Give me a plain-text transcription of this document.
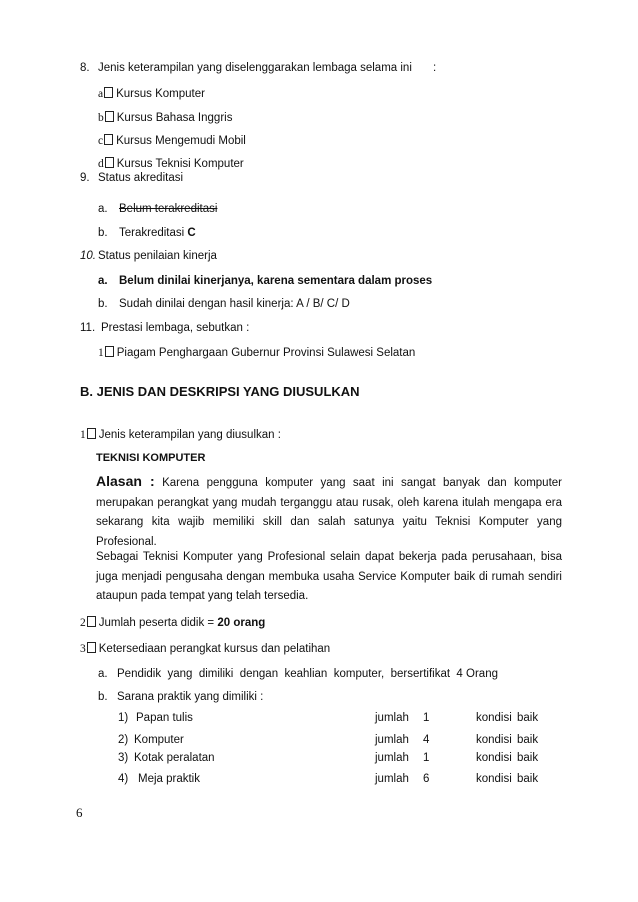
8. Jenis keterampilan yang diselenggarakan lembaga selama ini :
a Kursus Komputer
b Kursus Bahasa Inggris
c Kursus Mengemudi Mobil
d Kursus Teknisi Komputer
9. Status akreditasi
a. Belum terakreditasi
b. Terakreditasi C
10. Status penilaian kinerja
a. Belum dinilai kinerjanya, karena sementara dalam proses
b. Sudah dinilai dengan hasil kinerja: A / B/ C/ D
11. Prestasi lembaga, sebutkan :
1 Piagam Penghargaan Gubernur Provinsi Sulawesi Selatan
B. JENIS DAN DESKRIPSI YANG DIUSULKAN
1 Jenis keterampilan yang diusulkan :
TEKNISI KOMPUTER
Alasan : Karena pengguna komputer yang saat ini sangat banyak dan komputer merupakan perangkat yang mudah terganggu atau rusak, oleh karena itulah mengapa era sekarang kita wajib memiliki skill dan salah satunya yaitu Teknisi Komputer yang Profesional.
Sebagai Teknisi Komputer yang Profesional selain dapat bekerja pada perusahaan, bisa juga menjadi pengusaha dengan membuka usaha Service Komputer baik di rumah sendiri ataupun pada tempat yang telah tersedia.
2 Jumlah peserta didik = 20 orang
3 Ketersediaan perangkat kursus dan pelatihan
a. Pendidik  yang  dimiliki  dengan  keahlian  komputer,  bersertifikat  4 Orang
b. Sarana praktik yang dimiliki :
1) Papan tulis	jumlah 1	kondisi baik
2) Komputer	jumlah 4	kondisi baik
3) Kotak peralatan	jumlah 1	kondisi baik
4) Meja praktik	jumlah 6	kondisi baik
6
